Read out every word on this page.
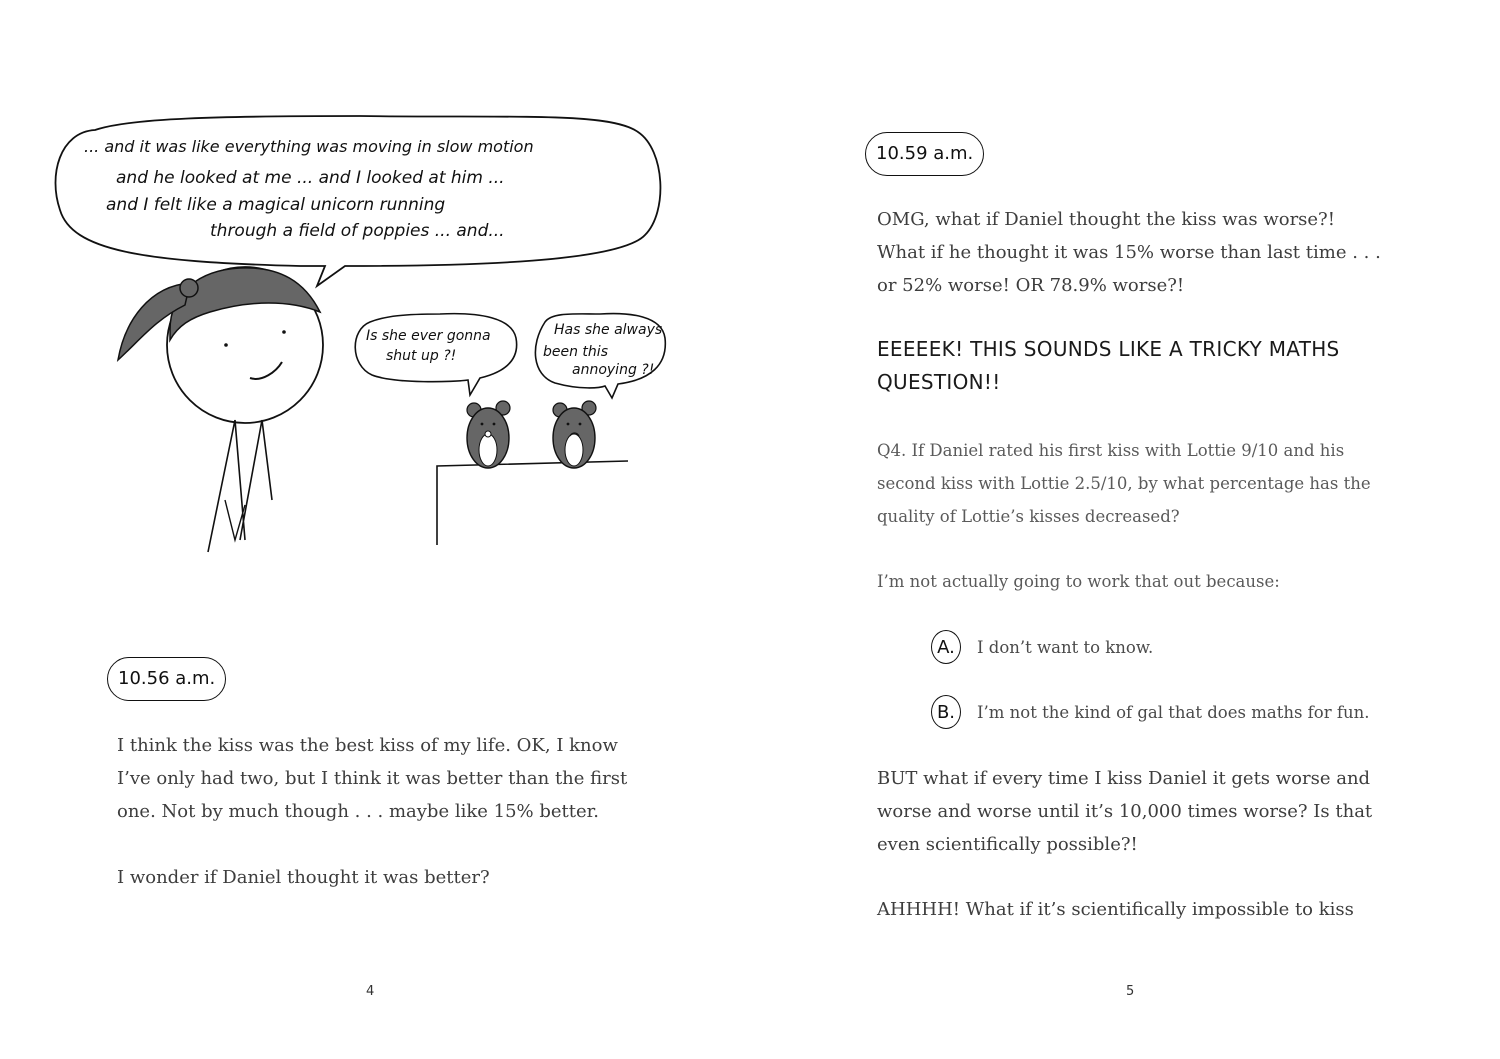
... and it was like everything was moving in slow motion
and he looked at me ... and I looked at him ...
and I felt like a magical unicorn running
through a field of poppies ... and...
Is she ever gonna
shut up ?!
Has she always
been this
annoying ?!
10.56 a.m.

I think the kiss was the best kiss of my life. OK, I know
I’ve only had two, but I think it was better than the first
one. Not by much though . . . maybe like 15% better.

I wonder if Daniel thought it was better?

4
10.59 a.m.

OMG, what if Daniel thought the kiss was worse?!
What if he thought it was 15% worse than last time . . .
or 52% worse! OR 78.9% worse?!

EEEEEK! THIS SOUNDS LIKE A TRICKY MATHS
QUESTION!!

Q4. If Daniel rated his first kiss with Lottie 9/10 and his
second kiss with Lottie 2.5/10, by what percentage has the
quality of Lottie’s kisses decreased?

I’m not actually going to work that out because:

A.	I don’t want to know.
B.	I’m not the kind of gal that does maths for fun.

BUT what if every time I kiss Daniel it gets worse and
worse and worse until it’s 10,000 times worse? Is that
even scientifically possible?!

AHHHH! What if it’s scientifically impossible to kiss

5
